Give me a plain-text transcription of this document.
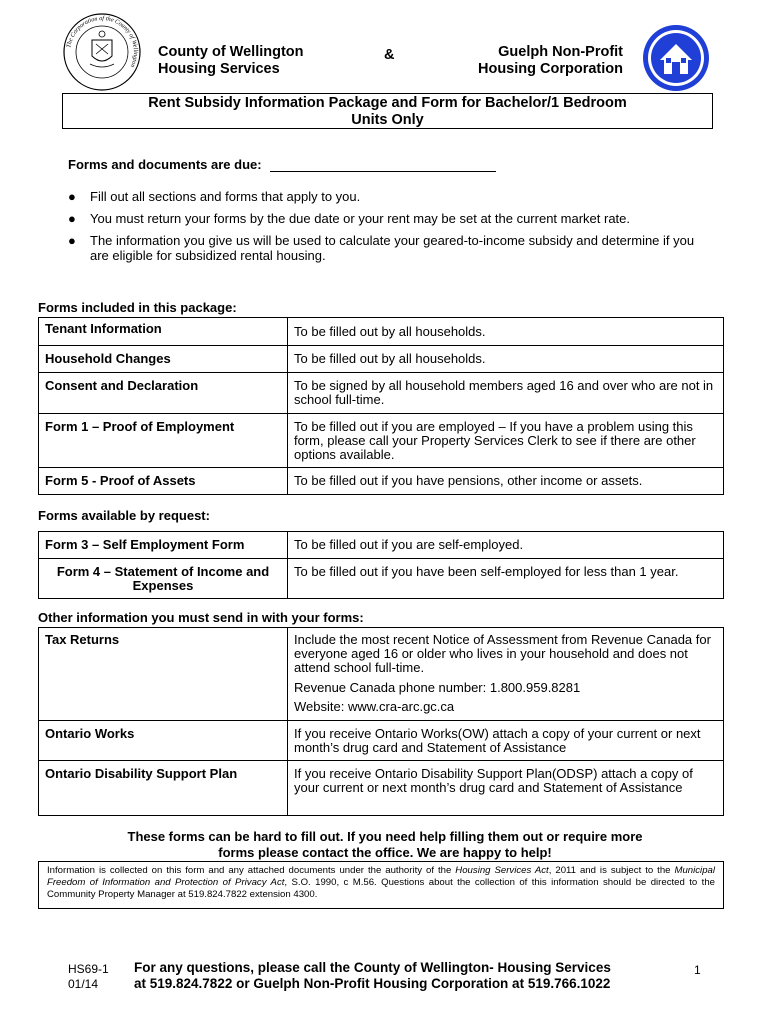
The Corporation of the County of Wellington
County of Wellington
Housing Services
&	Guelph Non-Profit
Housing Corporation
Rent Subsidy Information Package and Form for Bachelor/1 Bedroom
Units Only
Forms and documents are due:
● Fill out all sections and forms that apply to you.
● You must return your forms by the due date or your rent may be set at the current market rate.
● The information you give us will be used to calculate your geared-to-income subsidy and determine if you are eligible for subsidized rental housing.
Forms included in this package:
Tenant Information	To be filled out by all households.
Household Changes	To be filled out by all households.
Consent and Declaration	To be signed by all household members aged 16 and over who are not in school full-time.
Form 1 – Proof of Employment	To be filled out if you are employed – If you have a problem using this form, please call your Property Services Clerk to see if there are other options available.
Form 5 - Proof of Assets	To be filled out if you have pensions, other income or assets.
Forms available by request:
Form 3 – Self Employment Form	To be filled out if you are self-employed.
Form 4 – Statement of Income and Expenses	To be filled out if you have been self-employed for less than 1 year.
Other information you must send in with your forms:
Tax Returns	Include the most recent Notice of Assessment from Revenue Canada for everyone aged 16 or older who lives in your household and does not attend school full-time.
Revenue Canada phone number: 1.800.959.8281
Website: www.cra-arc.gc.ca

Ontario Works	If you receive Ontario Works(OW) attach a copy of your current or next month’s drug card and Statement of Assistance
Ontario Disability Support Plan	If you receive Ontario Disability Support Plan(ODSP) attach a copy of your current or next month’s drug card and Statement of Assistance
These forms can be hard to fill out. If you need help filling them out or require more
forms please contact the office. We are happy to help!
Information is collected on this form and any attached documents under the authority of the Housing Services Act, 2011 and is subject to the Municipal Freedom of Information and Protection of Privacy Act, S.O. 1990, c M.56. Questions about the collection of this information should be directed to the Community Property Manager at 519.824.7822 extension 4300.
HS69-1
01/14
For any questions, please call the County of Wellington- Housing Services
at 519.824.7822 or Guelph Non-Profit Housing Corporation at 519.766.1022
1
